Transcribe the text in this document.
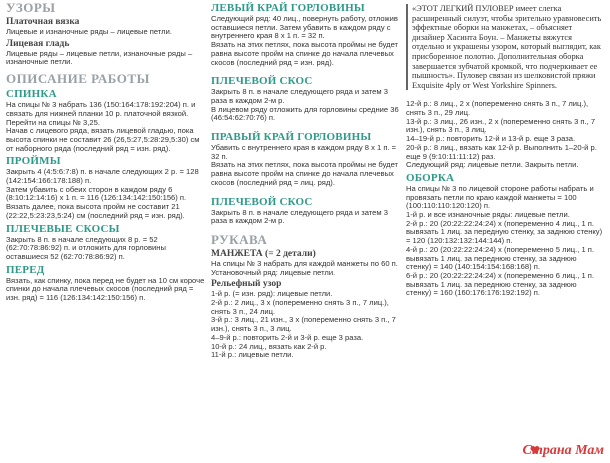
УЗОРЫ
Платочная вязка
Лицевые и изнаночные ряды – лицевые петли.
Лицевая гладь
Лицевые ряды – лицевые петли, изнаночные ряды – изнаночные петли.
ОПИСАНИЕ РАБОТЫ
СПИНКА
На спицы № 3 набрать 136 (150:164:178:192:204) п. и связать для нижней планки 10 р. платочной вязкой.
Перейти на спицы № 3,25.
Начав с лицевого ряда, вязать лицевой гладью, пока высота спинки не составит 26 (26,5:27,5:28:29,5:30) см от наборного ряда (последний ряд = изн. ряд).
ПРОЙМЫ
Закрыть 4 (4:5:6:7:8) п. в начале следующих 2 р. = 128 (142:154:166:178:188) п.
Затем убавить с обеих сторон в каждом ряду 6 (8:10:12:14:16) х 1 п. = 116 (126:134:142:150:156) п.
Вязать далее, пока высота пройм не составит 21 (22:22,5:23:23,5:24) см (последний ряд = изн. ряд).
ПЛЕЧЕВЫЕ СКОСЫ
Закрыть 8 п. в начале следующих 8 р. = 52 (62:70:78:86:92) п. и отложить для горловины оставшиеся 52 (62:70:78:86:92) п.
ПЕРЕД
Вязать, как спинку, пока перед не будет на 10 см короче спинки до начала плечевых скосов (последний ряд = изн. ряд) = 116 (126:134:142:150:156) п.
ЛЕВЫЙ КРАЙ ГОРЛОВИНЫ
Следующий ряд: 40 лиц., повернуть работу, отложив оставшиеся петли. Затем убавить в каждом ряду с внутреннего края 8 х 1 п. = 32 п.
Вязать на этих петлях, пока высота проймы не будет равна высоте пройм на спинке до начала плечевых скосов (последний ряд = изн. ряд).
ПЛЕЧЕВОЙ СКОС
Закрыть 8 п. в начале следующего ряда и затем 3 раза в каждом 2-м р.
В лицевом ряду отложить для горловины средние 36 (46:54:62:70:76) п.
ПРАВЫЙ КРАЙ ГОРЛОВИНЫ
Убавить с внутреннего края в каждом ряду 8 х 1 п. = 32 п.
Вязать на этих петлях, пока высота проймы не будет равна высоте пройм на спинке до начала плечевых скосов (последний ряд = лиц. ряд).
ПЛЕЧЕВОЙ СКОС
Закрыть 8 п. в начале следующего ряда и затем 3 раза в каждом 2-м р.
РУКАВА
МАНЖЕТА (= 2 детали)
На спицы № 3 набрать для каждой манжеты по 60 п.
Установочный ряд: лицевые петли.
Рельефный узор
1-й р. (= изн. ряд): лицевые петли.
2-й р.: 2 лиц., 3 х (попеременно снять 3 п., 7 лиц.), снять 3 п., 24 лиц.
3-й р.: 3 лиц., 21 изн., 3 х (попеременно снять 3 п., 7 изн.), снять 3 п., 3 лиц.
4–9-й р.: повторить 2-й и 3-й р. еще 3 раза.
10-й р.: 24 лиц., вязать как 2-й р.
11-й р.: лицевые петли.
«ЭТОТ ЛЕГКИЙ ПУЛОВЕР имеет слегка расширенный силуэт, чтобы зрительно уравновесить эффектные оборки на манжетах, – объясняет дизайнер Хасинта Боун. – Манжеты вяжутся отдельно и украшены узором, который выглядит, как присборенное полотно. Дополнительная оборка завершается зубчатой кромкой, что подчеркивает ее пышность». Пуловер связан из шелковистой пряжи Exquisite 4ply от West Yorkshire Spinners.
12-й р.: 8 лиц., 2 х (попеременно снять 3 п., 7 лиц.), снять 3 п., 29 лиц.
13-й р.: 3 лиц., 26 изн., 2 х (попеременно снять 3 п., 7 изн.), снять 3 п., 3 лиц.
14–19-й р.: повторить 12-й и 13-й р. еще 3 раза.
20-й р.: 8 лиц., вязать как 12-й р. Выполнить 1–20-й р. еще 9 (9:10:11:11:12) раз.
Следующий ряд: лицевые петли. Закрыть петли.
ОБОРКА
На спицы № 3 по лицевой стороне работы набрать и провязать петли по краю каждой манжеты = 100 (100:110:110:120:120) п.
1-й р. и все изнаночные ряды: лицевые петли.
2-й р.: 20 (20:22:22:24:24) х (попеременно 4 лиц., 1 п. вывязать 1 лиц. за передную стенку, за заднюю стенку) = 120 (120:132:132:144:144) п.
4-й р.: 20 (20:22:22:24:24) х (попеременно 5 лиц., 1 п. вывязать 1 лиц. за переднюю стенку, за заднюю стенку) = 140 (140:154:154:168:168) п.
6-й р.: 20 (20:22:22:24:24) х (попеременно 6 лиц., 1 п. вывязать 1 лиц. за переднюю стенку, за заднюю стенку) = 160 (160:176:176:192:192) п.
Страна Мам
